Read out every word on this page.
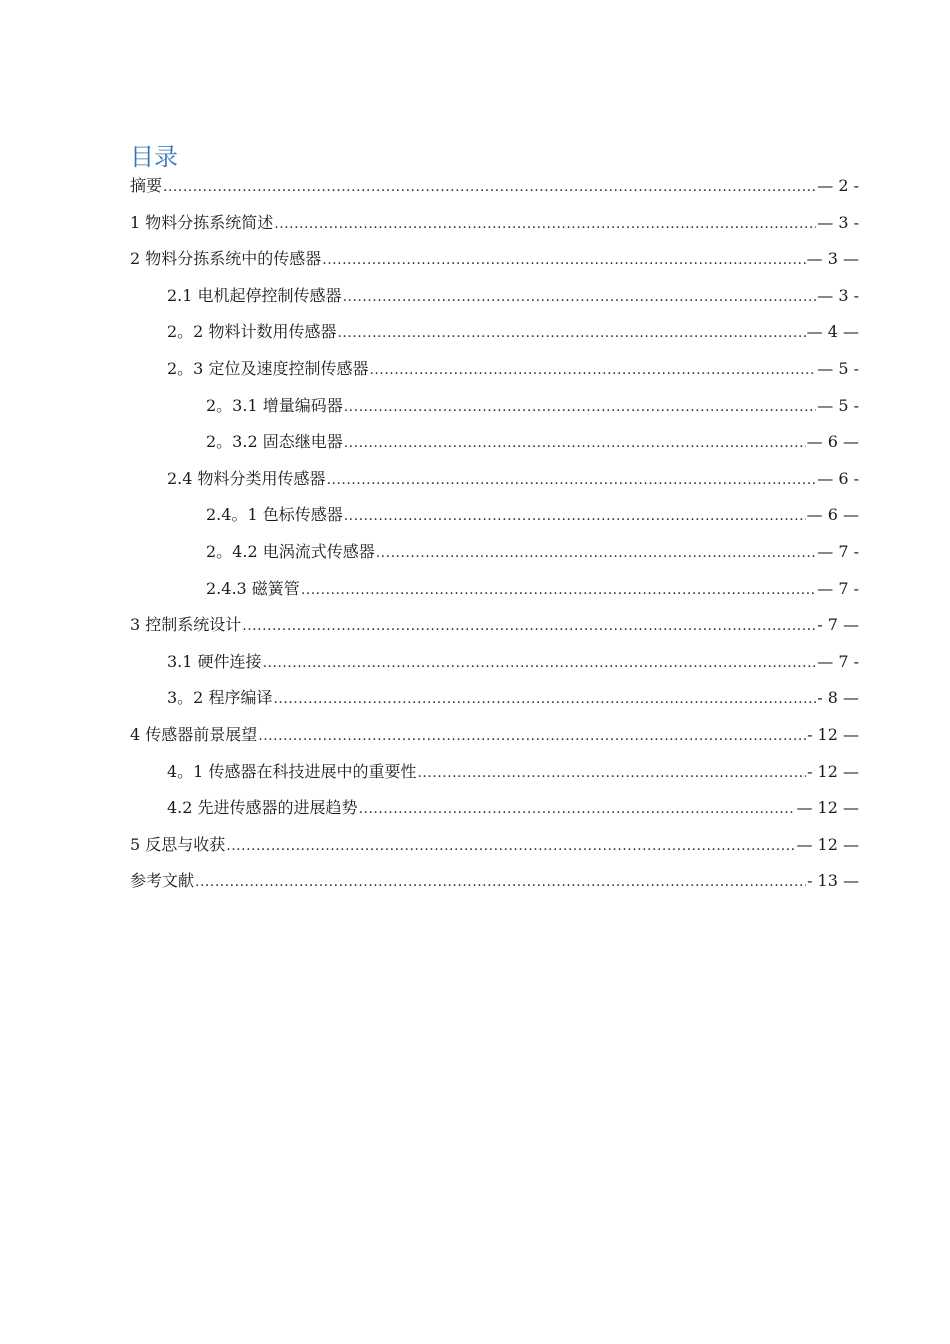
目录
摘要 .....	— 2 -
1 物料分拣系统简述 .....	— 3 -
2 物料分拣系统中的传感器 .....	— 3 —
2.1 电机起停控制传感器 .....	— 3 -
2。2 物料计数用传感器 .....	— 4 —
2。3 定位及速度控制传感器 .....	— 5 -
2。3.1 增量编码器 .....	— 5 -
2。3.2 固态继电器 .....	— 6 —
2.4 物料分类用传感器 .....	— 6 -
2.4。1 色标传感器 .....	— 6 —
2。4.2 电涡流式传感器 .....	— 7 -
2.4.3 磁簧管 .....	— 7 -
3 控制系统设计 .....	- 7 —
3.1 硬件连接 .....	— 7 -
3。2 程序编译 .....	- 8 —
4 传感器前景展望 .....	- 12 —
4。1 传感器在科技进展中的重要性 .....	- 12 —
4.2 先进传感器的进展趋势 .....	— 12 —
5 反思与收获 .....	— 12 —
参考文献 .....	- 13 —
